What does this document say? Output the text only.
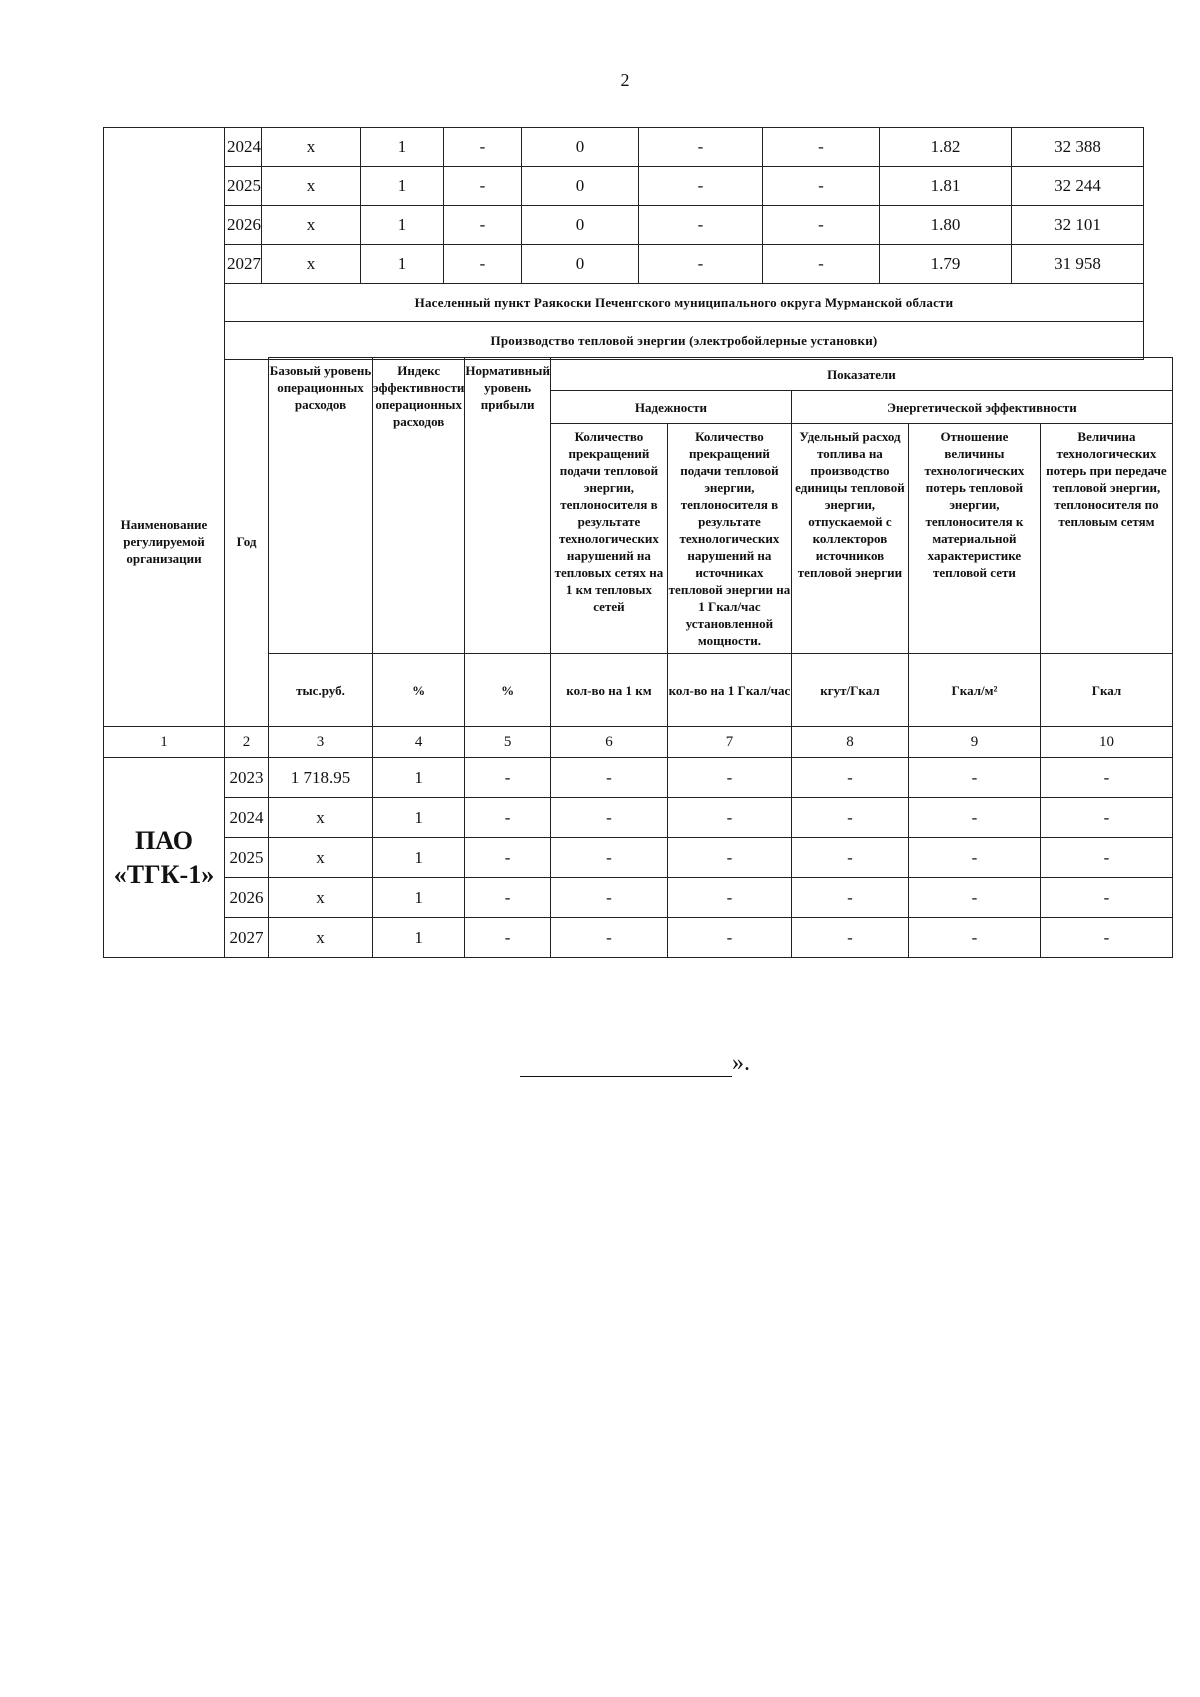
2
	2024	x	1	-	0	-	-	1.82	32 388
	2025	x	1	-	0	-	-	1.81	32 244
	2026	x	1	-	0	-	-	1.80	32 101
	2027	x	1	-	0	-	-	1.79	31 958
	Населенный пункт Раякоски Печенгского муниципального округа Мурманской области								
	Производство тепловой энергии (электробойлерные установки)								
Наименование регулируемой организации	Год	Базовый уровень операционных расходов	Индекс эффективности операционных расходов	Нормативный уровень прибыли	Показатели				
					Надежности		Энергетической эффективности		
					Количество прекращений подачи тепловой энергии, теплоносителя в результате технологических нарушений на тепловых сетях на 1 км тепловых сетей	Количество прекращений подачи тепловой энергии, теплоносителя в результате технологических нарушений на источниках тепловой энергии на 1 Гкал/час установленной мощности.	Удельный расход топлива на производство единицы тепловой энергии, отпускаемой с коллекторов источников тепловой энергии	Отношение величины технологических потерь тепловой энергии, теплоносителя к материальной характеристике тепловой сети	Величина технологических потерь при передаче тепловой энергии, теплоносителя по тепловым сетям
		тыс.руб.	%	%	кол-во на 1 км	кол-во на 1 Гкал/час	кгут/Гкал	Гкал/м²	Гкал
1	2	3	4	5	6	7	8	9	10
ПАО «ТГК-1»	2023	1 718.95	1	-	-	-	-	-	-
	2024	x	1	-	-	-	-	-	-
	2025	x	1	-	-	-	-	-	-
	2026	x	1	-	-	-	-	-	-
	2027	x	1	-	-	-	-	-	-
».
